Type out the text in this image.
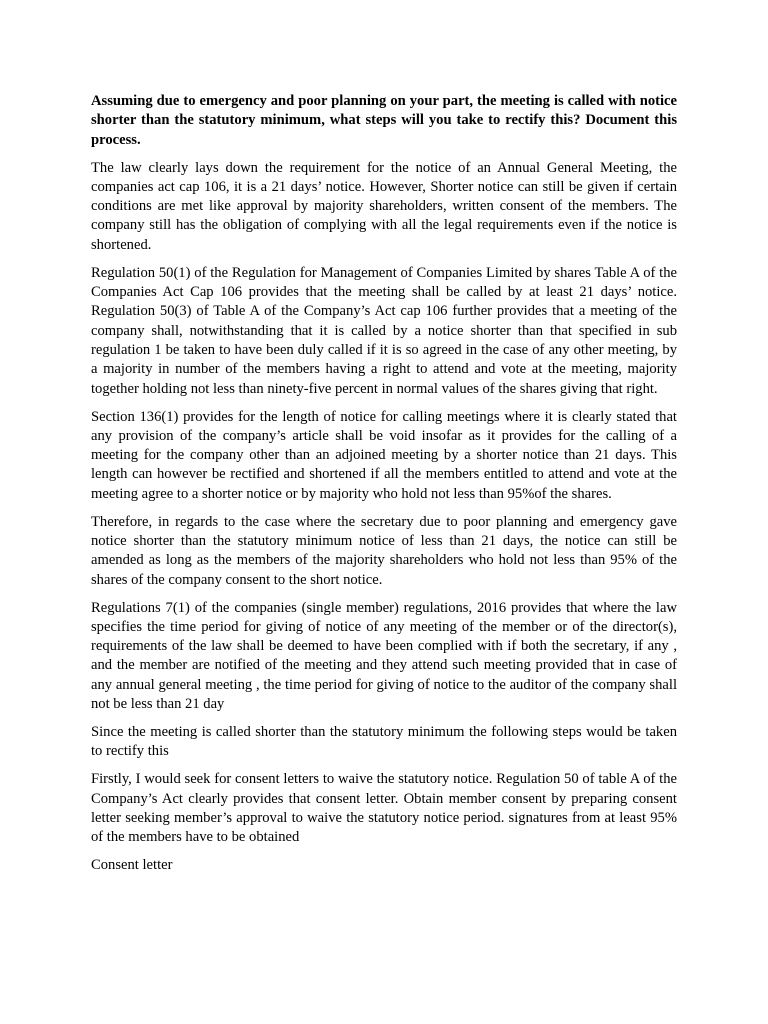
Assuming due to emergency and poor planning on your part, the meeting is called with notice shorter than the statutory minimum, what steps will you take to rectify this? Document this process.

The law clearly lays down the requirement for the notice of an Annual General Meeting, the companies act cap 106, it is a 21 days’ notice. However, Shorter notice can still be given if certain conditions are met like approval by majority shareholders, written consent of the members. The company still has the obligation of complying with all the legal requirements even if the notice is shortened.

Regulation 50(1) of the Regulation for Management of Companies Limited by shares Table A of the Companies Act Cap 106 provides that the meeting shall be called by at least 21 days’ notice. Regulation 50(3) of Table A of the Company’s Act cap 106 further provides that a meeting of the company shall, notwithstanding that it is called by a notice shorter than that specified in sub regulation 1 be taken to have been duly called if it is so agreed in the case of any other meeting, by a majority in number of the members having a right to attend and vote at the meeting, majority together holding not less than ninety-five percent in normal values of the shares giving that right.

Section 136(1) provides for the length of notice for calling meetings where it is clearly stated that any provision of the company’s article shall be void insofar as it provides for the calling of a meeting for the company other than an adjoined meeting by a shorter notice than 21 days. This length can however be rectified and shortened if all the members entitled to attend and vote at the meeting agree to a shorter notice or by majority who hold not less than 95%of the shares.

Therefore, in regards to the case where the secretary due to poor planning and emergency gave notice shorter than the statutory minimum notice of less than 21 days, the notice can still be amended as long as the members of the majority shareholders who hold not less than 95% of the shares of the company consent to the short notice.

Regulations 7(1) of the companies (single member) regulations, 2016 provides that where the law specifies the time period for giving of notice of any meeting of the member or of the director(s), requirements of the law shall be deemed to have been complied with if both the secretary, if any , and the member are notified of the meeting and they attend such meeting provided that in case of any annual general meeting , the time period for giving of notice to the auditor of the company shall not be less than 21 day

Since the meeting is called shorter than the statutory minimum the following steps would be taken to rectify this

Firstly, I would seek for consent letters to waive the statutory notice. Regulation 50 of table A of the Company’s Act clearly provides that consent letter. Obtain member consent by preparing consent letter seeking member’s approval to waive the statutory notice period. signatures from at least 95% of the members have to be obtained

Consent letter
